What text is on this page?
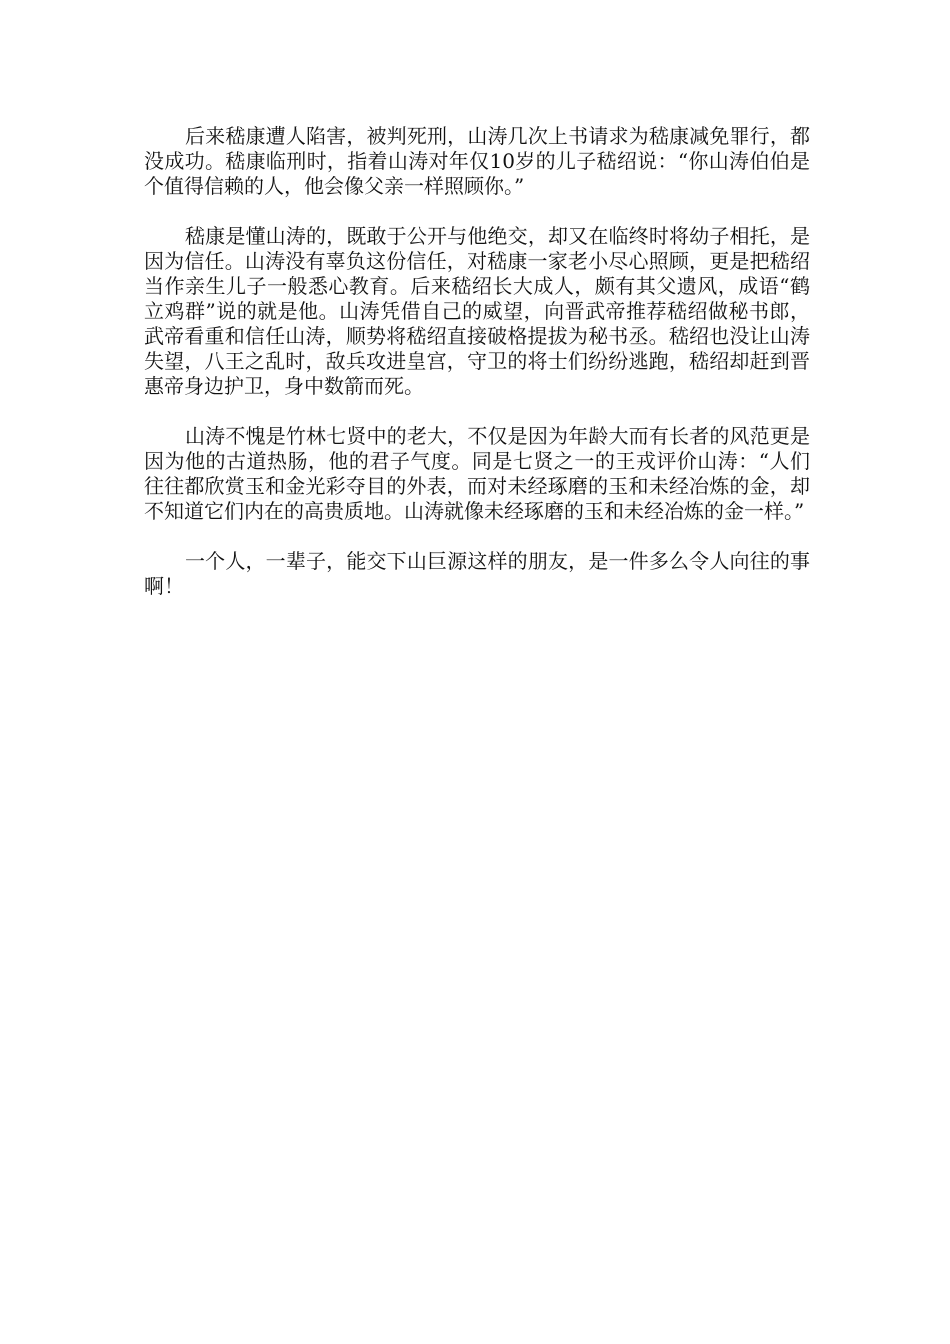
后来嵇康遭人陷害，被判死刑，山涛几次上书请求为嵇康减免罪行，都没成功。嵇康临刑时，指着山涛对年仅10岁的儿子嵇绍说：“你山涛伯伯是个值得信赖的人，他会像父亲一样照顾你。”

嵇康是懂山涛的，既敢于公开与他绝交，却又在临终时将幼子相托，是因为信任。山涛没有辜负这份信任，对嵇康一家老小尽心照顾，更是把嵇绍当作亲生儿子一般悉心教育。后来嵇绍长大成人，颇有其父遗风，成语“鹤立鸡群”说的就是他。山涛凭借自己的威望，向晋武帝推荐嵇绍做秘书郎，武帝看重和信任山涛，顺势将嵇绍直接破格提拔为秘书丞。嵇绍也没让山涛失望，八王之乱时，敌兵攻进皇宫，守卫的将士们纷纷逃跑，嵇绍却赶到晋惠帝身边护卫，身中数箭而死。

山涛不愧是竹林七贤中的老大，不仅是因为年龄大而有长者的风范更是因为他的古道热肠，他的君子气度。同是七贤之一的王戎评价山涛：“人们往往都欣赏玉和金光彩夺目的外表，而对未经琢磨的玉和未经冶炼的金，却不知道它们内在的高贵质地。山涛就像未经琢磨的玉和未经冶炼的金一样。”

一个人，一辈子，能交下山巨源这样的朋友，是一件多么令人向往的事啊！
